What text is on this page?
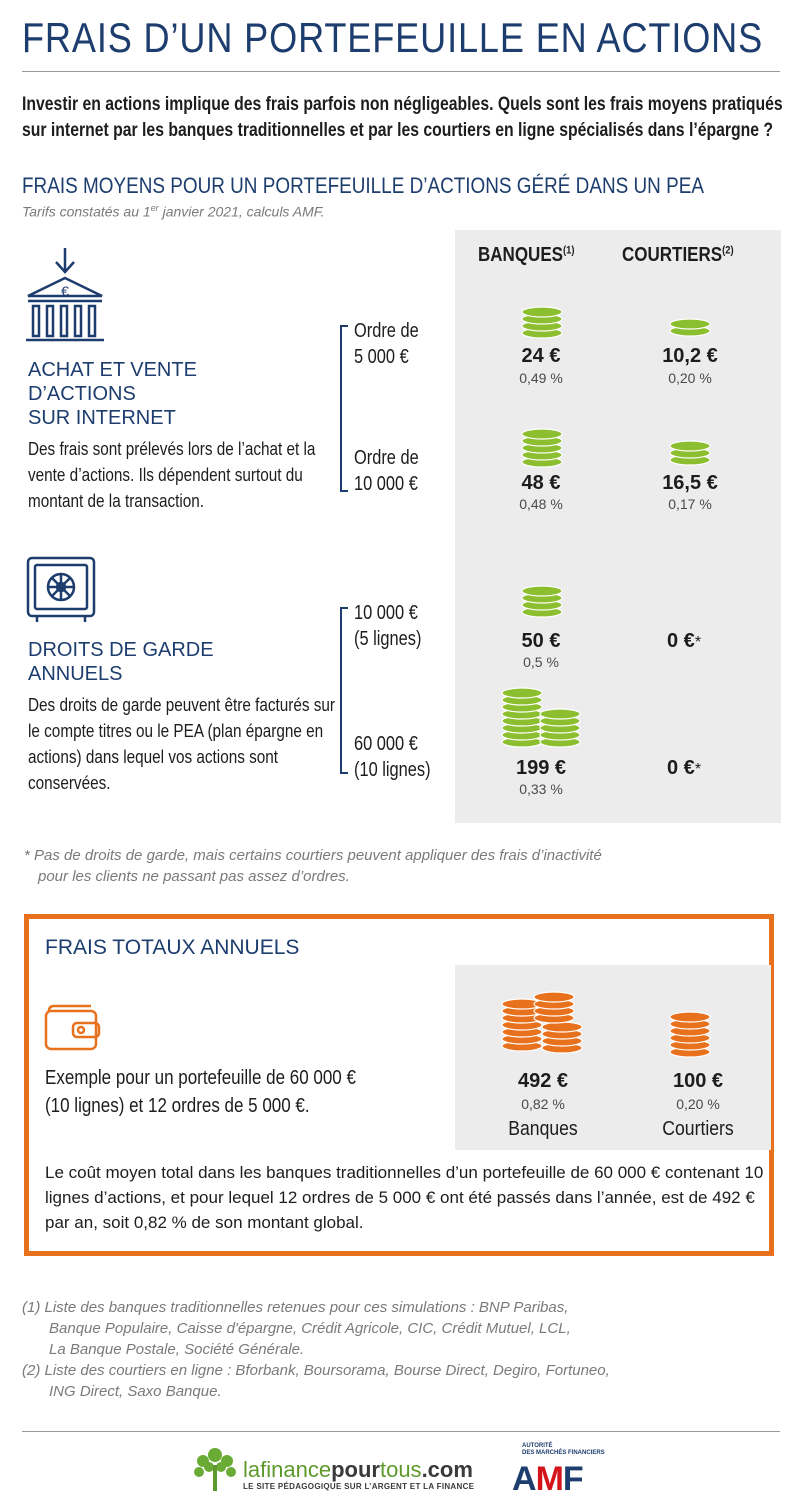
FRAIS D’UN PORTEFEUILLE EN ACTIONS
Investir en actions implique des frais parfois non négligeables. Quels sont les frais moyens pratiqués sur internet par les banques traditionnelles et par les courtiers en ligne spécialisés dans l’épargne ?
FRAIS MOYENS POUR UN PORTEFEUILLE D’ACTIONS GÉRÉ DANS UN PEA
Tarifs constatés au 1er janvier 2021, calculs AMF.
BANQUES$^{(1)}$ COURTIERS$^{(2)}$
€
ACHAT ET VENTE
D’ACTIONS
SUR INTERNET
Des frais sont prélevés lors de l’achat et la vente d’actions. Ils dépendent surtout du montant de la transaction.
Ordre de
5 000 €
Ordre de
10 000 €
24 €
0,49 %
10,2 €
0,20 %
48 €
0,48 %
16,5 €
0,17 %
DROITS DE GARDE
ANNUELS
Des droits de garde peuvent être facturés sur le compte titres ou le PEA (plan épargne en actions) dans lequel vos actions sont conservées.
10 000 €
(5 lignes)
60 000 €
(10 lignes)
50 €
0,5 %
0 €*
199 €
0,33 %
0 €*
* Pas de droits de garde, mais certains courtiers peuvent appliquer des frais d’inactivité
pour les clients ne passant pas assez d’ordres.
FRAIS TOTAUX ANNUELS
Exemple pour un portefeuille de 60 000 €
(10 lignes) et 12 ordres de 5 000 €.
492 €
0,82 %
Banques
100 €
0,20 %
Courtiers
Le coût moyen total dans les banques traditionnelles d’un portefeuille de 60 000 € contenant 10 lignes d’actions, et pour lequel 12 ordres de 5 000 € ont été passés dans l’année, est de 492 € par an, soit 0,82 % de son montant global.
(1) Liste des banques traditionnelles retenues pour ces simulations : BNP Paribas,
Banque Populaire, Caisse d'épargne, Crédit Agricole, CIC, Crédit Mutuel, LCL,
La Banque Postale, Société Générale.
(2) Liste des courtiers en ligne : Bforbank, Boursorama, Bourse Direct, Degiro, Fortuneo,
ING Direct, Saxo Banque.
lafinancepourtous.com
LE SITE PÉDAGOGIQUE SUR L’ARGENT ET LA FINANCE
AUTORITÉ
DES MARCHÉS FINANCIERS
AMF
